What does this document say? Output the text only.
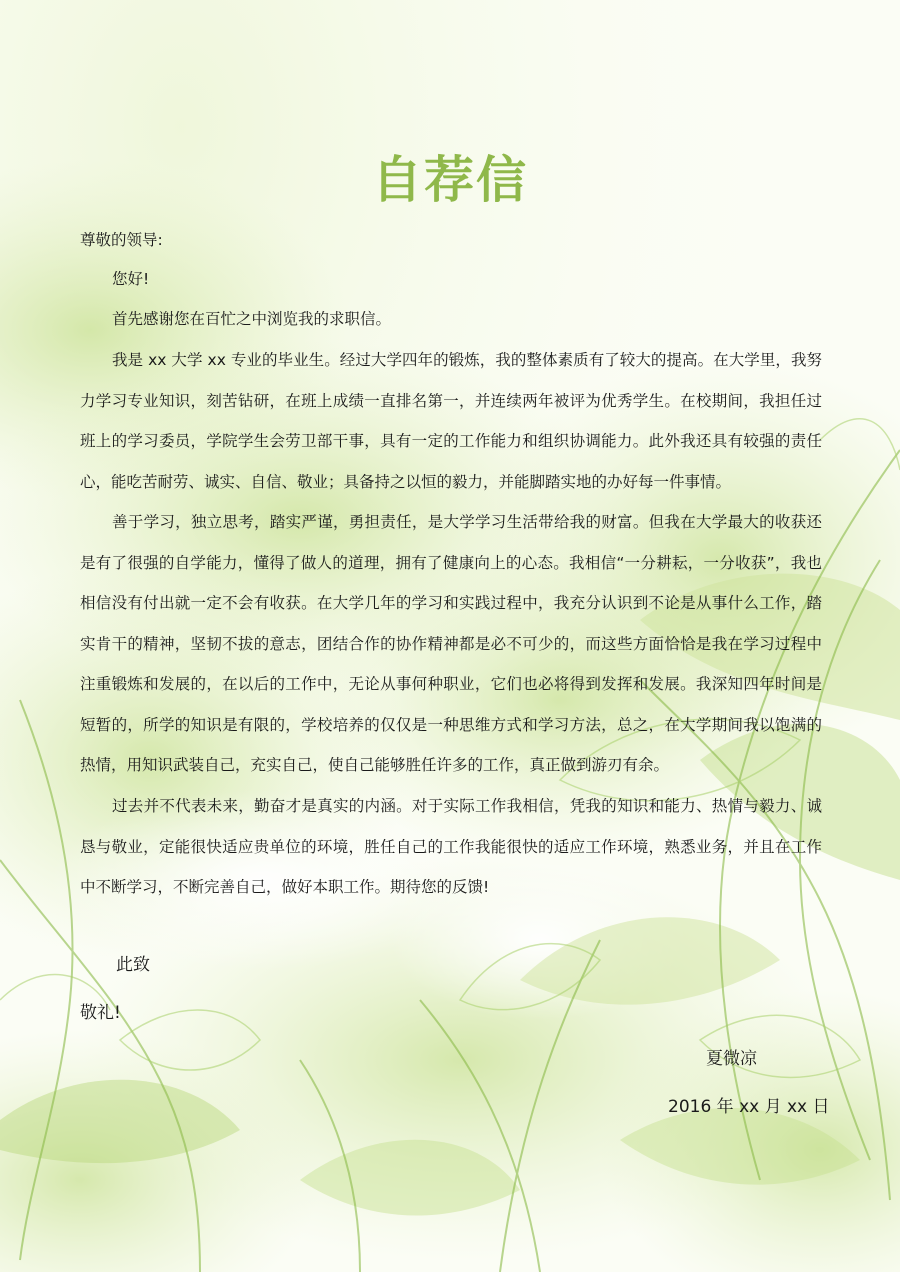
自荐信
尊敬的领导:
您好!
首先感谢您在百忙之中浏览我的求职信。
我是 xx 大学 xx 专业的毕业生。经过大学四年的锻炼，我的整体素质有了较大的提高。在大学里，我努力学习专业知识，刻苦钻研，在班上成绩一直排名第一，并连续两年被评为优秀学生。在校期间，我担任过班上的学习委员，学院学生会劳卫部干事，具有一定的工作能力和组织协调能力。此外我还具有较强的责任心，能吃苦耐劳、诚实、自信、敬业；具备持之以恒的毅力，并能脚踏实地的办好每一件事情。
善于学习，独立思考，踏实严谨，勇担责任，是大学学习生活带给我的财富。但我在大学最大的收获还是有了很强的自学能力，懂得了做人的道理，拥有了健康向上的心态。我相信“一分耕耘，一分收获”，我也相信没有付出就一定不会有收获。在大学几年的学习和实践过程中，我充分认识到不论是从事什么工作，踏实肯干的精神，坚韧不拔的意志，团结合作的协作精神都是必不可少的，而这些方面恰恰是我在学习过程中注重锻炼和发展的，在以后的工作中，无论从事何种职业，它们也必将得到发挥和发展。我深知四年时间是短暂的，所学的知识是有限的，学校培养的仅仅是一种思维方式和学习方法，总之，在大学期间我以饱满的热情，用知识武装自己，充实自己，使自己能够胜任许多的工作，真正做到游刃有余。
过去并不代表未来，勤奋才是真实的内涵。对于实际工作我相信，凭我的知识和能力、热情与毅力、诚恳与敬业，定能很快适应贵单位的环境，胜任自己的工作我能很快的适应工作环境，熟悉业务，并且在工作中不断学习，不断完善自己，做好本职工作。期待您的反馈!
此致
敬礼!
夏微凉
2016 年 xx 月 xx 日
